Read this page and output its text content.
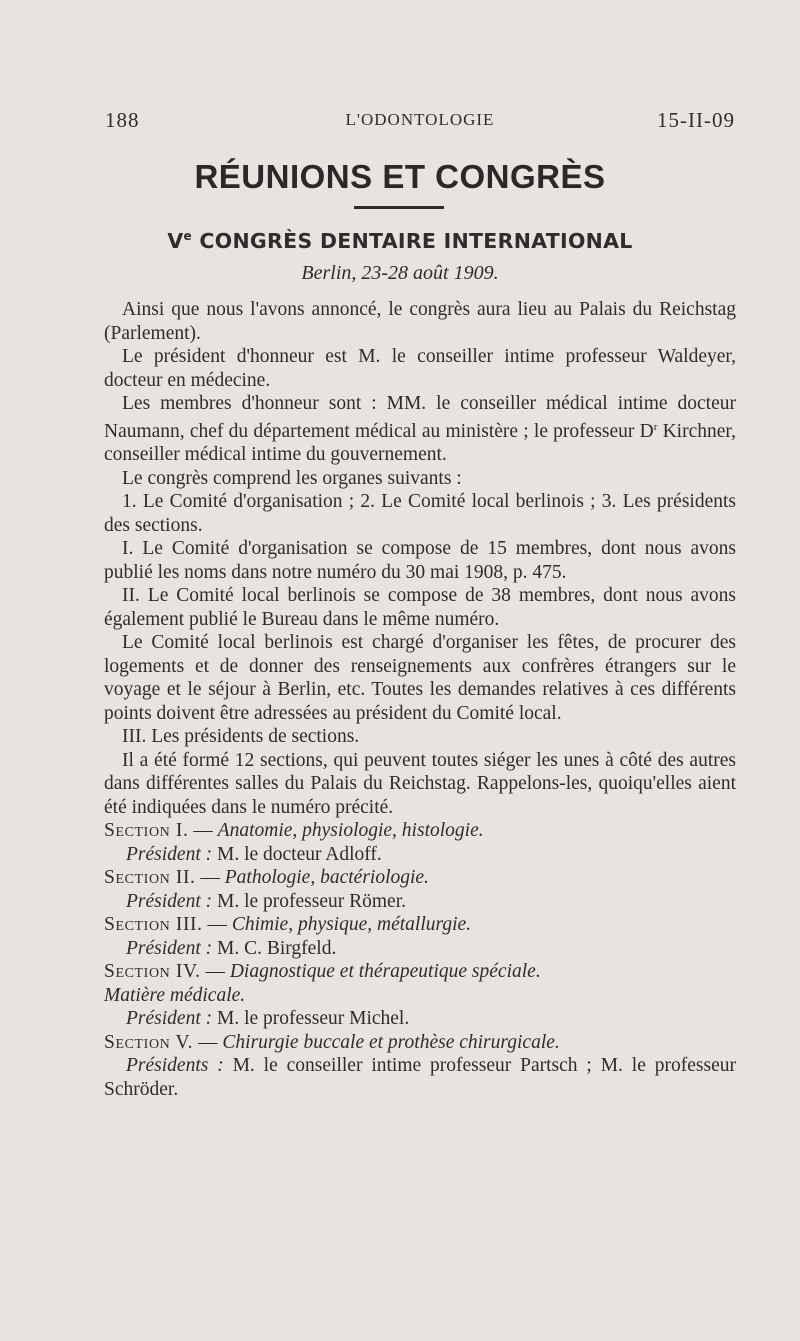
188	L'ODONTOLOGIE	15-II-09
RÉUNIONS ET CONGRÈS
Ve CONGRÈS DENTAIRE INTERNATIONAL
Berlin, 23-28 août 1909.

Ainsi que nous l'avons annoncé, le congrès aura lieu au Palais du Reichstag (Parlement).

Le président d'honneur est M. le conseiller intime professeur Waldeyer, docteur en médecine.

Les membres d'honneur sont : MM. le conseiller médical intime docteur Naumann, chef du département médical au ministère ; le professeur $D^r$ Kirchner, conseiller médical intime du gouvernement.

Le congrès comprend les organes suivants :

1. Le Comité d'organisation ; 2. Le Comité local berlinois ; 3. Les présidents des sections.

I. Le Comité d'organisation se compose de 15 membres, dont nous avons publié les noms dans notre numéro du 30 mai 1908, p. 475.

II. Le Comité local berlinois se compose de 38 membres, dont nous avons également publié le Bureau dans le même numéro.

Le Comité local berlinois est chargé d'organiser les fêtes, de procurer des logements et de donner des renseignements aux confrères étrangers sur le voyage et le séjour à Berlin, etc. Toutes les demandes relatives à ces différents points doivent être adressées au président du Comité local.

III. Les présidents de sections.

Il a été formé 12 sections, qui peuvent toutes siéger les unes à côté des autres dans différentes salles du Palais du Reichstag. Rappelons-les, quoiqu'elles aient été indiquées dans le numéro précité.

Section I. — Anatomie, physiologie, histologie.

Président : M. le docteur Adloff.

Section II. — Pathologie, bactériologie.

Président : M. le professeur Römer.

Section III. — Chimie, physique, métallurgie.

Président : M. C. Birgfeld.

Section IV. — Diagnostique et thérapeutique spéciale.

Matière médicale.

Président : M. le professeur Michel.

Section V. — Chirurgie buccale et prothèse chirurgicale.

Présidents : M. le conseiller intime professeur Partsch ; M. le professeur Schröder.
